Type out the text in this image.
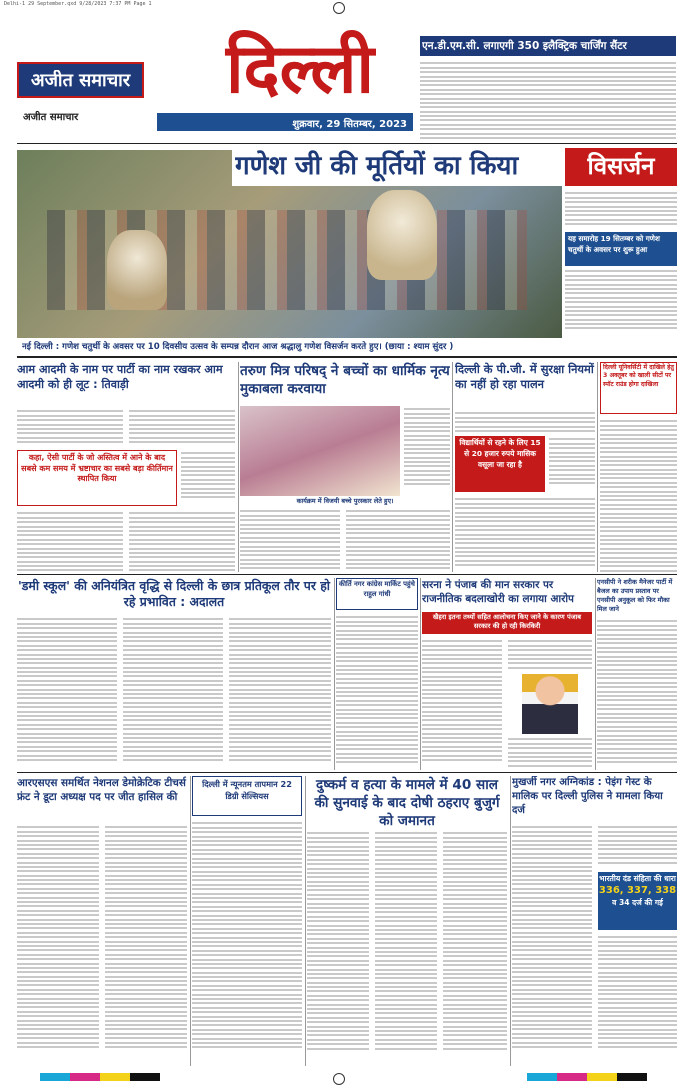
Delhi-1 29 September.qxd 9/28/2023 7:37 PM Page 1
अजीत समाचार	दिल्ली
अजीत समाचार
शुक्रवार, 29 सितम्बर, 2023
एन.डी.एम.सी. लगाएगी 350 इलैक्ट्रिक चार्जिंग सैंटर
गणेश जी की मूर्तियों का किया	विसर्जन
यह समारोह 19 सितम्बर को गणेश चतुर्थी के अवसर पर शुरू हुआ
नई दिल्ली : गणेश चतुर्थी के अवसर पर 10 दिवसीय उत्सव के सम्पन्न दौरान आज श्रद्धालु गणेश विसर्जन करते हुए। (छाया : श्याम सुंदर )
आम आदमी के नाम पर पार्टी का नाम रखकर आम आदमी को ही लूट : तिवाड़ी
कहा, ऐसी पार्टी के जो अस्तित्व में आने के बाद सबसे कम समय में भ्रष्टाचार का सबसे बड़ा कीर्तिमान स्थापित किया
तरुण मित्र परिषद् ने बच्चों का धार्मिक नृत्य मुकाबला करवाया
कार्यक्रम में विजयी बच्चे पुरस्कार लेते हुए।
दिल्ली के पी.जी. में सुरक्षा नियमों का नहीं हो रहा पालन
विद्यार्थियों से रहने के लिए 15 से 20 हजार रुपये मासिक वसूला जा रहा है
दिल्ली यूनिवर्सिटी में दाखिले हेतु 3 अक्तूबर को खाली सीटों पर स्पॉट राउंड होगा दाखिला
'डमी स्कूल' की अनियंत्रित वृद्धि से दिल्ली के छात्र प्रतिकूल तौर पर हो रहे प्रभावित : अदालत
कीर्ति नगर कांग्रेस मार्किट पहुंचे राहुल गांधी
सरना ने पंजाब की मान सरकार पर राजनीतिक बदलाखोरी का लगाया आरोप
खैहरा इतना तथ्यों सहित आलोचना किए जाने के कारण पंजाब सरकार की हो रही किरकिरी
एनसीपी ने शरीक मैनेजर पार्टी में बैजल का उपाय प्रस्ताव पर एनसीपी अनुकूल को फिर मौका मिल जाने
आरएसएस समर्थित नेशनल डेमोक्रेटिक टीचर्स फ्रंट ने डूटा अध्यक्ष पद पर जीत हासिल की
दिल्ली में न्यूनतम तापमान 22 डिग्री सेल्सियस
दुष्कर्म व हत्या के मामले में 40 साल की सुनवाई के बाद दोषी ठहराए बुजुर्ग को जमानत
मुखर्जी नगर अग्निकांड : पेइंग गेस्ट के मालिक पर दिल्ली पुलिस ने मामला किया दर्ज
भारतीय दंड संहिता की धारा
336, 337, 338
व 34 दर्ज की गई
